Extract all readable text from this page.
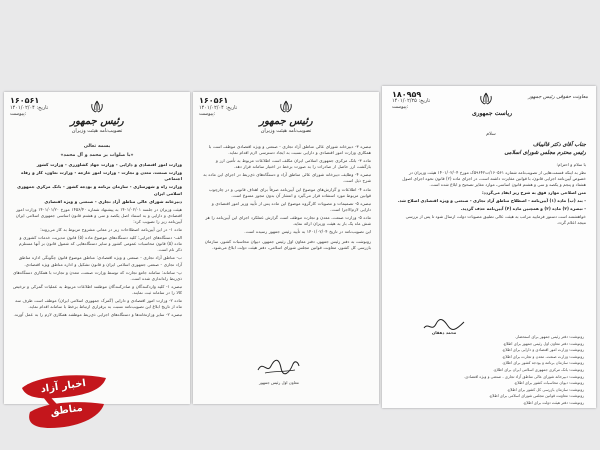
۱۶۰۵۶۱
تاریخ: ۱۴۰۱/۰۲/۰۴
پیوست:
رئیس جمهور
تصویب‌نامه هیئت وزیران
بسمه تعالی
«با صلوات بر محمد و آل محمد»

وزارت امور اقتصادی و دارایی - وزارت جهاد کشاورزی - وزارت کشور

وزارت صنعت، معدن و تجارت - وزارت امور خارجه - وزارت تعاون، کار و رفاه اجتماعی

وزارت راه و شهرسازی - سازمان برنامه و بودجه کشور - بانک مرکزی جمهوری اسلامی ایران

دبیرخانه شورای عالی مناطق آزاد تجاری - صنعتی و ویژه اقتصادی

هیئت وزیران در جلسه ۱۴۰۱/۰۲/۰۱ به پیشنهاد شماره ۱۴۵۶/۴۰ مورخ ۱۴۰۱/۰۱/۲۰ وزارت امور اقتصادی و دارایی و به استناد اصل یکصد و سی و هشتم قانون اساسی جمهوری اسلامی ایران آیین‌نامه زیر را تصویب کرد:

ماده ۱- در این آیین‌نامه اصطلاحات زیر در معانی مشروح مربوط به کار می‌روند:

الف- دستگاه‌های اجرایی: کلیه دستگاه‌های موضوع ماده (۵) قانون مدیریت خدمات کشوری و ماده (۵) قانون محاسبات عمومی کشور و سایر دستگاه‌هایی که شمول قانون بر آنها مستلزم ذکر نام است.

ب- مناطق آزاد تجاری - صنعتی و ویژه اقتصادی: مناطق موضوع قانون چگونگی اداره مناطق آزاد تجاری - صنعتی جمهوری اسلامی ایران و قانون تشکیل و اداره مناطق ویژه اقتصادی.

پ- سامانه: سامانه جامع تجارت که توسط وزارت صنعت، معدن و تجارت با همکاری دستگاه‌های ذی‌ربط راه‌اندازی شده است.

تبصره ۱- کلیه واردکنندگان و صادرکنندگان موظفند اطلاعات مربوط به عملیات گمرکی و ترخیص کالا را در سامانه ثبت نمایند.

ماده ۲- وزارت امور اقتصادی و دارایی (گمرک جمهوری اسلامی ایران) موظف است ظرف سه ماه از تاریخ ابلاغ این تصویب‌نامه نسبت به برقراری ارتباط برخط با سامانه اقدام نماید.

تبصره ۲- سایر وزارتخانه‌ها و دستگاه‌های اجرایی ذی‌ربط موظفند همکاری لازم را به عمل آورند.

۱۶۰۵۶۱
تاریخ: ۱۴۰۱/۰۲/۰۴
پیوست:
رئیس جمهور
تصویب‌نامه هیئت وزیران

تبصره ۳- دبیرخانه شورای عالی مناطق آزاد تجاری - صنعتی و ویژه اقتصادی موظف است با همکاری وزارت امور اقتصادی و دارایی نسبت به ایجاد دسترسی لازم اقدام نماید.

ماده ۳- بانک مرکزی جمهوری اسلامی ایران مکلف است اطلاعات مربوط به تأمین ارز و بازگشت ارز حاصل از صادرات را به صورت برخط در اختیار سامانه قرار دهد.

تبصره ۴- وظایف دبیرخانه شورای عالی مناطق آزاد و دستگاه‌های ذی‌ربط در اجرای این ماده به شرح ذیل است.

ماده ۴- اطلاعات و گزارش‌های موضوع این آیین‌نامه صرفاً برای اهداف قانونی و در چارچوب قوانین مربوط مورد استفاده قرار می‌گیرد و انتشار آن بدون مجوز ممنوع است.

تبصره ۵- تصمیمات و مصوبات کارگروه موضوع این ماده پس از تأیید وزیر امور اقتصادی و دارایی لازم‌الاجرا است.

ماده ۵- وزارت صنعت، معدن و تجارت موظف است گزارش عملکرد اجرای این آیین‌نامه را هر شش ماه یک بار به هیئت وزیران ارائه نماید.

این تصویب‌نامه در تاریخ ۱۴۰۱/۰۲/۰۴ به تأیید رئیس جمهور رسیده است.

رونوشت به دفتر رئیس جمهور، دفتر معاون اول رئیس جمهور، دیوان محاسبات کشور، سازمان بازرسی کل کشور، معاونت قوانین مجلس شورای اسلامی، دفتر هیئت دولت ابلاغ می‌شود.

معاون اول رئیس جمهور
۱۸۰۹۵۹
تاریخ: ۱۴۰۱/۰۲/۲۵
پیوست:
ریاست جمهوری
معاونت حقوقی رئیس جمهور
سلام
جناب آقای دکتر قالیباف
رئیس محترم مجلس شورای اسلامی

با سلام و احترام؛

نظر به اینکه قسمت‌هایی از تصویب‌نامه شماره ۱۶۰۵۶۱/ت۵۹۶۴۲ک مورخ ۱۴۰۱/۰۲/۰۴ هیئت وزیران در خصوص آیین‌نامه اجرایی قانون، با قوانین مغایرت داشته است، در اجرای ماده (۲) قانون نحوه اجرای اصول هشتاد و پنجم و یکصد و سی و هشتم قانون اساسی، موارد مغایر تصحیح و ابلاغ شده است.

متن اصلاحی موارد فوق به شرح زیر ایفاد می‌گردد:

- بند (ب) ماده (۱) آیین‌نامه - اصطلاح مناطق آزاد تجاری - صنعتی و ویژه اقتصادی اصلاح شد.

- تبصره (۲) ماده (۲) و همچنین ماده (۴) آیین‌نامه حذف گردید.

خواهشمند است دستور فرمایید مراتب به هیئت عالی تطبیق مصوبات دولت ارسال شود تا پس از بررسی نتیجه اعلام گردد.

محمد دهقان
رونوشت: دفتر رئیس جمهور برای استحضار.
رونوشت: دفتر معاون اول رئیس جمهور برای اطلاع.
رونوشت: وزارت امور اقتصادی و دارایی برای اطلاع.
رونوشت: وزارت صنعت، معدن و تجارت برای اطلاع.
رونوشت: سازمان برنامه و بودجه کشور برای اطلاع.
رونوشت: بانک مرکزی جمهوری اسلامی ایران برای اطلاع.
رونوشت: دبیرخانه شورای عالی مناطق آزاد تجاری - صنعتی و ویژه اقتصادی.
رونوشت: دیوان محاسبات کشور برای اطلاع.
رونوشت: سازمان بازرسی کل کشور برای اطلاع.
رونوشت: معاونت قوانین مجلس شورای اسلامی برای اطلاع.
رونوشت: دفتر هیئت دولت برای اطلاع.
اخبار آزاد
مناطق
